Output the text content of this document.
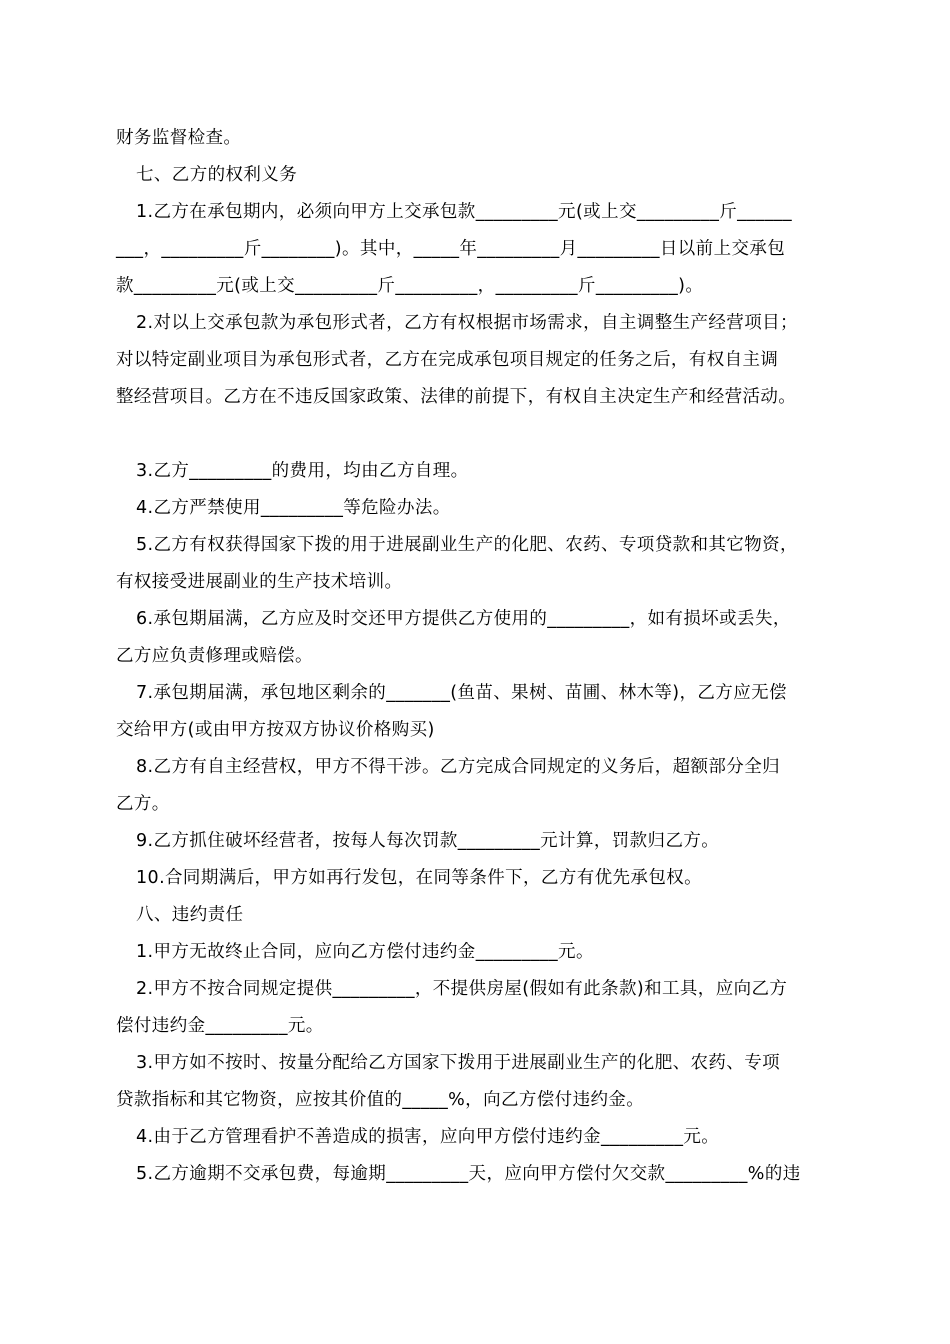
财务监督检查。
七、乙方的权利义务
1.乙方在承包期内，必须向甲方上交承包款_________元(或上交_________斤______
___，_________斤________)。其中，_____年_________月_________日以前上交承包
款_________元(或上交_________斤_________，_________斤_________)。
2.对以上交承包款为承包形式者，乙方有权根据市场需求，自主调整生产经营项目；
对以特定副业项目为承包形式者，乙方在完成承包项目规定的任务之后，有权自主调
整经营项目。乙方在不违反国家政策、法律的前提下，有权自主决定生产和经营活动。
3.乙方_________的费用，均由乙方自理。
4.乙方严禁使用_________等危险办法。
5.乙方有权获得国家下拨的用于进展副业生产的化肥、农药、专项贷款和其它物资，
有权接受进展副业的生产技术培训。
6.承包期届满，乙方应及时交还甲方提供乙方使用的_________，如有损坏或丢失，
乙方应负责修理或赔偿。
7.承包期届满，承包地区剩余的_______(鱼苗、果树、苗圃、林木等)，乙方应无偿
交给甲方(或由甲方按双方协议价格购买)
8.乙方有自主经营权，甲方不得干涉。乙方完成合同规定的义务后，超额部分全归
乙方。
9.乙方抓住破坏经营者，按每人每次罚款_________元计算，罚款归乙方。
10.合同期满后，甲方如再行发包，在同等条件下，乙方有优先承包权。
八、违约责任
1.甲方无故终止合同，应向乙方偿付违约金_________元。
2.甲方不按合同规定提供_________，不提供房屋(假如有此条款)和工具，应向乙方
偿付违约金_________元。
3.甲方如不按时、按量分配给乙方国家下拨用于进展副业生产的化肥、农药、专项
贷款指标和其它物资，应按其价值的_____%，向乙方偿付违约金。
4.由于乙方管理看护不善造成的损害，应向甲方偿付违约金_________元。
5.乙方逾期不交承包费，每逾期_________天，应向甲方偿付欠交款_________%的违
